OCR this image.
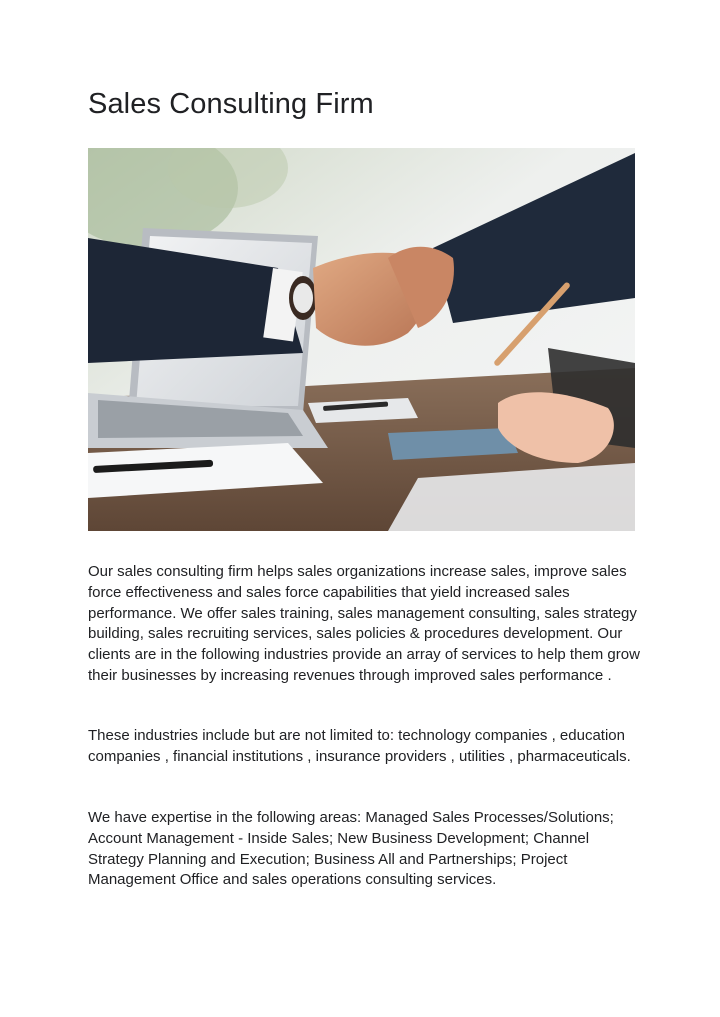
Sales Consulting Firm

Our sales consulting firm helps sales organizations increase sales, improve sales force effectiveness and sales force capabilities that yield increased sales performance. We offer sales training, sales management consulting, sales strategy building, sales recruiting services, sales policies & procedures development. Our clients are in the following industries provide an array of services to help them grow their businesses by increasing revenues through improved sales performance .

These industries include but are not limited to: technology companies , education companies , financial institutions , insurance providers , utilities , pharmaceuticals.

We have expertise in the following areas: Managed Sales Processes/Solutions; Account Management - Inside Sales; New Business Development; Channel Strategy Planning and Execution; Business All and Partnerships; Project Management Office and sales operations consulting services.
